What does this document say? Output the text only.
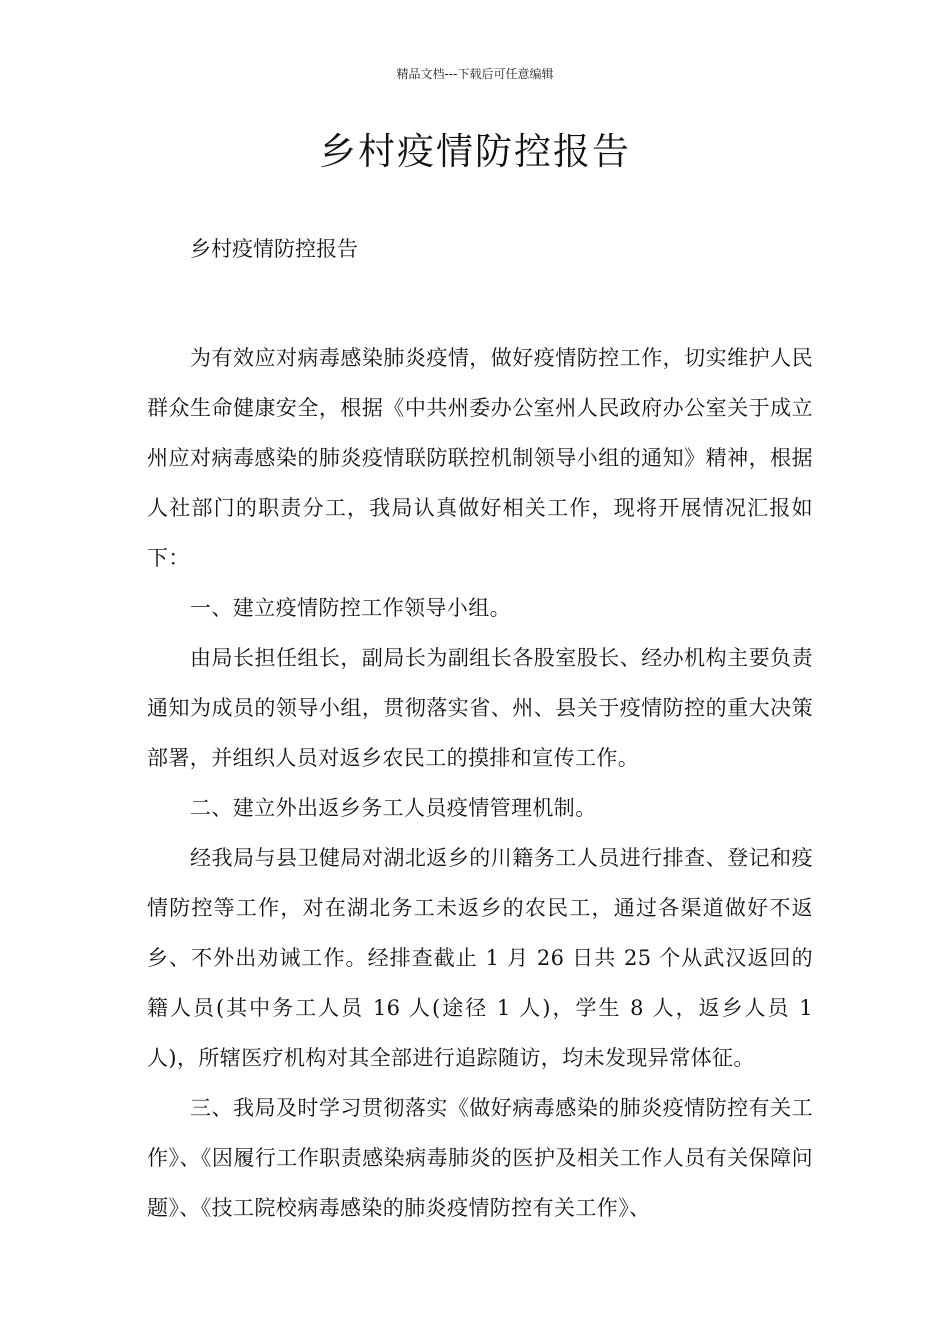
精品文档---下载后可任意编辑
乡村疫情防控报告

乡村疫情防控报告

为有效应对病毒感染肺炎疫情，做好疫情防控工作，切实维护人民群众生命健康安全，根据《中共州委办公室州人民政府办公室关于成立州应对病毒感染的肺炎疫情联防联控机制领导小组的通知》精神，根据人社部门的职责分工，我局认真做好相关工作，现将开展情况汇报如下：

一、建立疫情防控工作领导小组。

由局长担任组长，副局长为副组长各股室股长、经办机构主要负责通知为成员的领导小组，贯彻落实省、州、县关于疫情防控的重大决策部署，并组织人员对返乡农民工的摸排和宣传工作。

二、建立外出返乡务工人员疫情管理机制。

经我局与县卫健局对湖北返乡的川籍务工人员进行排查、登记和疫情防控等工作，对在湖北务工未返乡的农民工，通过各渠道做好不返乡、不外出劝诫工作。经排查截止 1 月 26 日共 25 个从武汉返回的籍人员(其中务工人员 16 人(途径 1 人)，学生 8 人，返乡人员 1 人)，所辖医疗机构对其全部进行追踪随访，均未发现异常体征。

三、我局及时学习贯彻落实《做好病毒感染的肺炎疫情防控有关工作》、《因履行工作职责感染病毒肺炎的医护及相关工作人员有关保障问题》、《技工院校病毒感染的肺炎疫情防控有关工作》、
